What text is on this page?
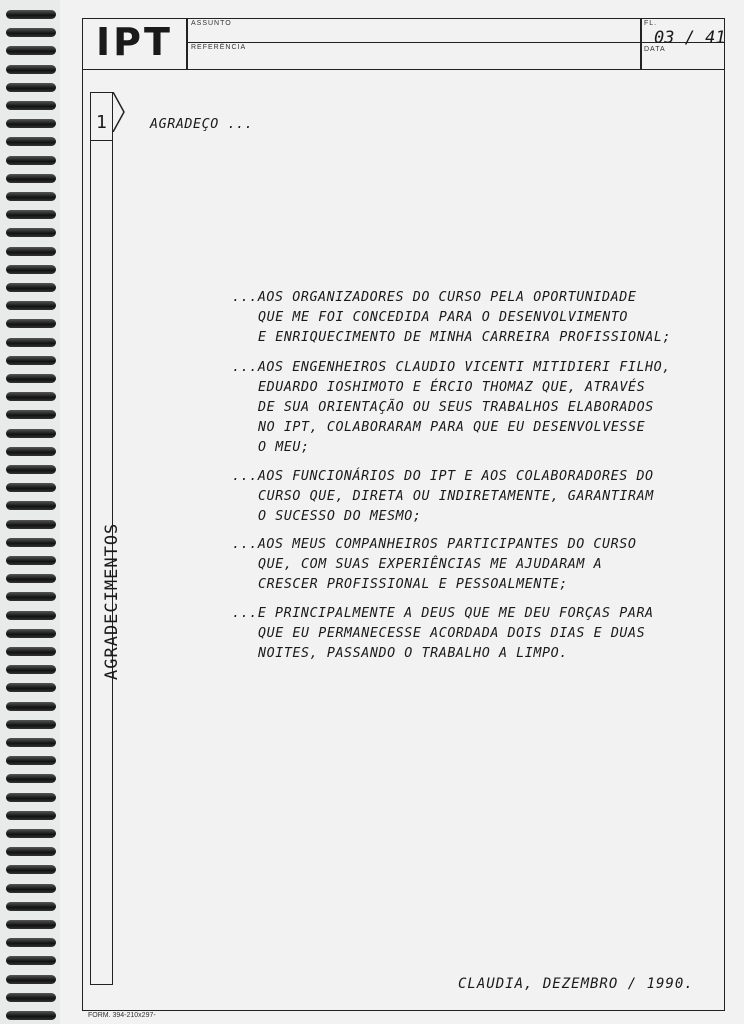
IPT	ASSUNTO
REFERÊNCIA
FL.
03 / 41
DATA
1
AGRADECIMENTOS
AGRADEÇO ...
...AOS ORGANIZADORES DO CURSO PELA OPORTUNIDADE
QUE ME FOI CONCEDIDA PARA O DESENVOLVIMENTO
E ENRIQUECIMENTO DE MINHA CARREIRA PROFISSIONAL;
...AOS ENGENHEIROS CLAUDIO VICENTI MITIDIERI FILHO,
EDUARDO IOSHIMOTO E ÉRCIO THOMAZ QUE, ATRAVÉS
DE SUA ORIENTAÇÃO OU SEUS TRABALHOS ELABORADOS
NO IPT, COLABORARAM PARA QUE EU DESENVOLVESSE
O MEU;
...AOS FUNCIONÁRIOS DO IPT E AOS COLABORADORES DO
CURSO QUE, DIRETA OU INDIRETAMENTE, GARANTIRAM
O SUCESSO DO MESMO;
...AOS MEUS COMPANHEIROS PARTICIPANTES DO CURSO
QUE, COM SUAS EXPERIÊNCIAS ME AJUDARAM A
CRESCER PROFISSIONAL E PESSOALMENTE;
...E PRINCIPALMENTE A DEUS QUE ME DEU FORÇAS PARA
QUE EU PERMANECESSE ACORDADA DOIS DIAS E DUAS
NOITES, PASSANDO O TRABALHO A LIMPO.
CLAUDIA, DEZEMBRO / 1990.
FORM. 394-210x297-
